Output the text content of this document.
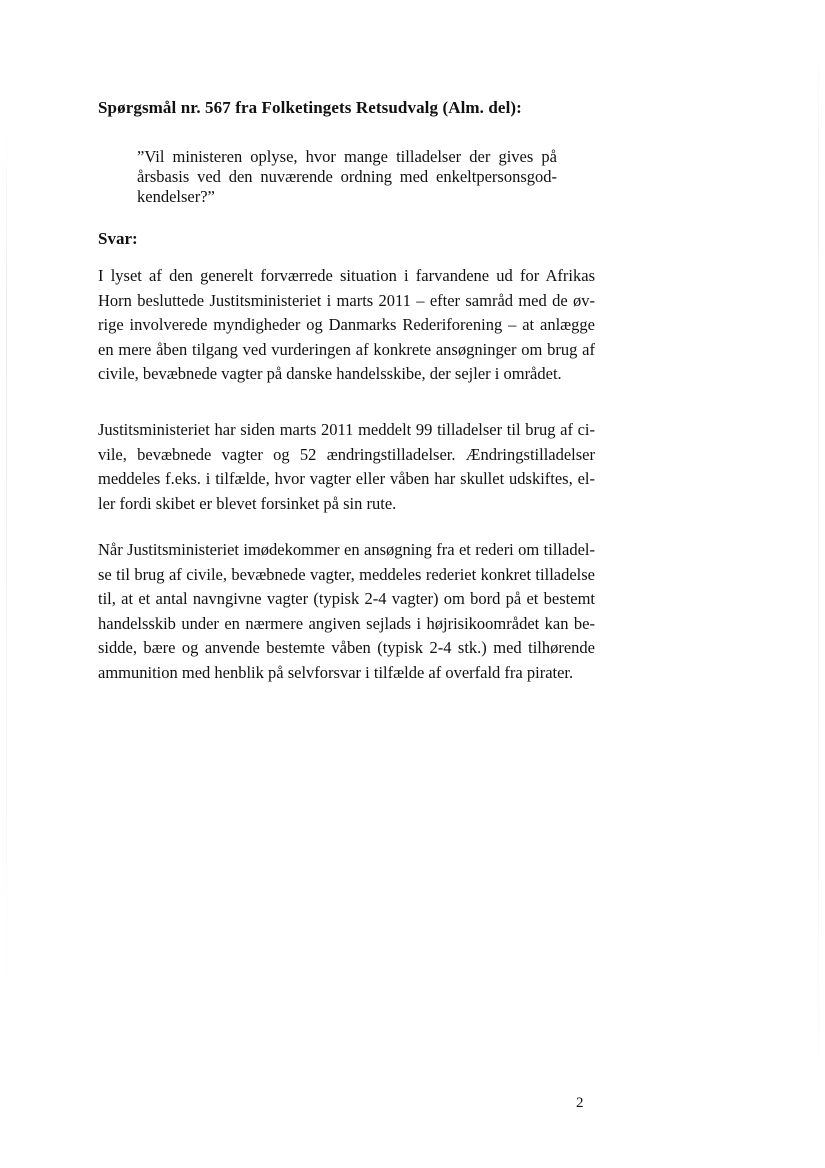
Spørgsmål nr. 567 fra Folketingets Retsudvalg (Alm. del):
”Vil ministeren oplyse, hvor mange tilladelser der gives på
årsbasis ved den nuværende ordning med enkeltpersonsgod-
kendelser?”
Svar:
I lyset af den generelt forværrede situation i farvandene ud for Afrikas
Horn besluttede Justitsministeriet i marts 2011 – efter samråd med de øv-
rige involverede myndigheder og Danmarks Rederiforening – at anlægge
en mere åben tilgang ved vurderingen af konkrete ansøgninger om brug af
civile, bevæbnede vagter på danske handelsskibe, der sejler i området.
Justitsministeriet har siden marts 2011 meddelt 99 tilladelser til brug af ci-
vile, bevæbnede vagter og 52 ændringstilladelser. Ændringstilladelser
meddeles f.eks. i tilfælde, hvor vagter eller våben har skullet udskiftes, el-
ler fordi skibet er blevet forsinket på sin rute.
Når Justitsministeriet imødekommer en ansøgning fra et rederi om tilladel-
se til brug af civile, bevæbnede vagter, meddeles rederiet konkret tilladelse
til, at et antal navngivne vagter (typisk 2-4 vagter) om bord på et bestemt
handelsskib under en nærmere angiven sejlads i højrisikoområdet kan be-
sidde, bære og anvende bestemte våben (typisk 2-4 stk.) med tilhørende
ammunition med henblik på selvforsvar i tilfælde af overfald fra pirater.
2
